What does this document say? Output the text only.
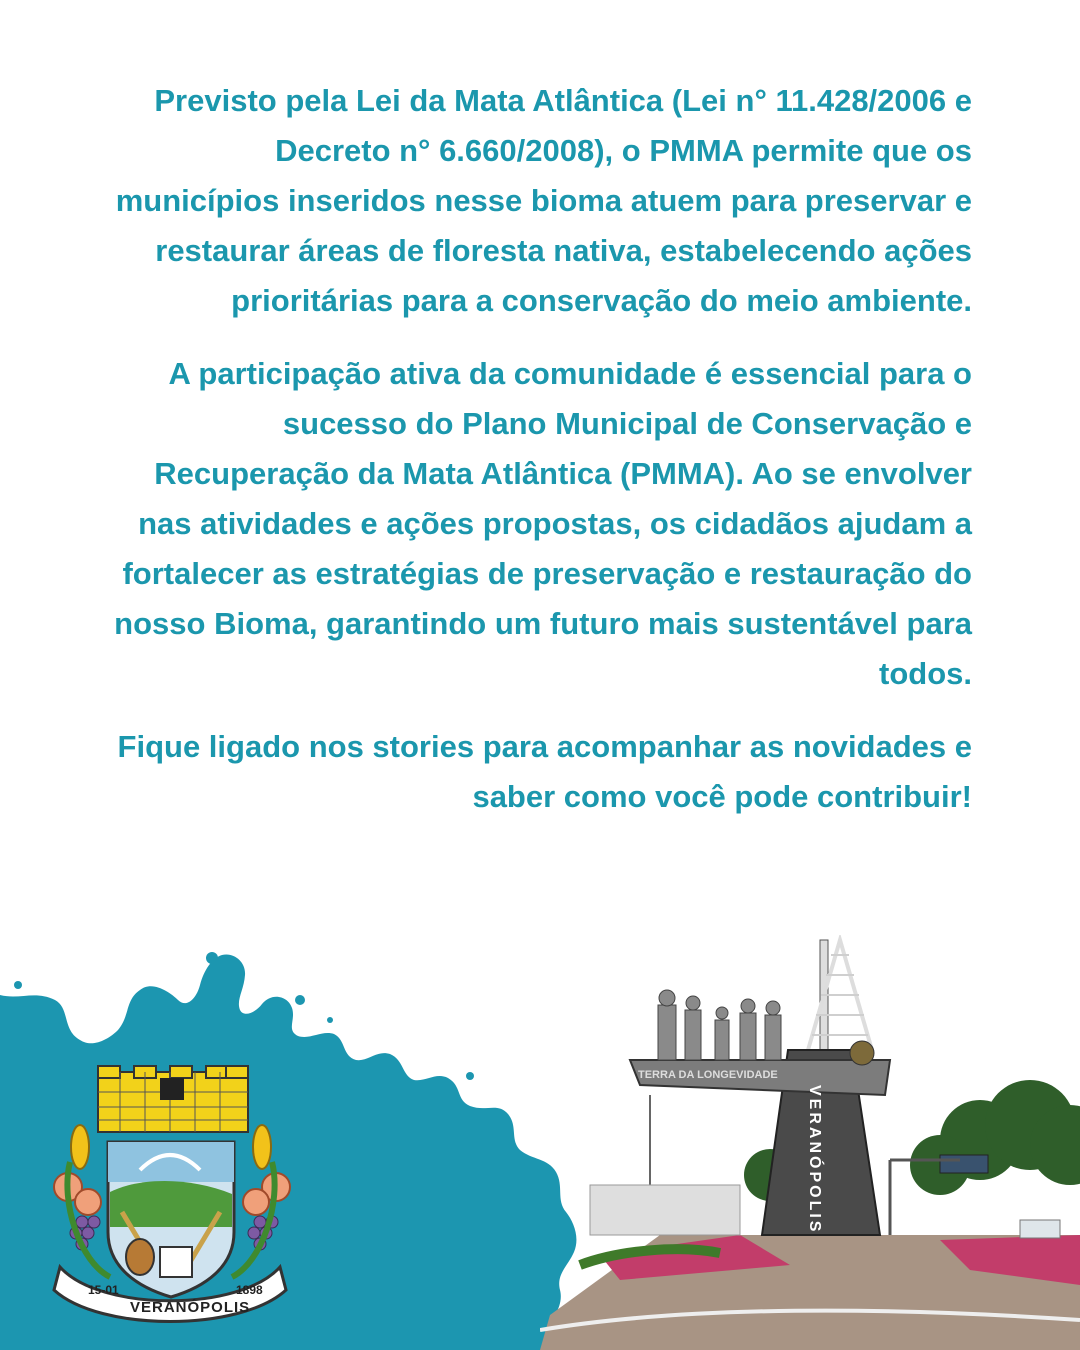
Previsto pela Lei da Mata Atlântica (Lei n° 11.428/2006 e Decreto n° 6.660/2008), o PMMA permite que os municípios inseridos nesse bioma atuem para preservar e restaurar áreas de floresta nativa, estabelecendo ações prioritárias para a conservação do meio ambiente.

A participação ativa da comunidade é essencial para o sucesso do Plano Municipal de Conservação e Recuperação da Mata Atlântica (PMMA). Ao se envolver nas atividades e ações propostas, os cidadãos ajudam a fortalecer as estratégias de preservação e restauração do nosso Bioma, garantindo um futuro mais sustentável para todos.

Fique ligado nos stories para acompanhar as novidades e saber como você pode contribuir!

15-01
VERANÓPOLIS
1898
TERRA DA LONGEVIDADE
VERANÓPOLIS
